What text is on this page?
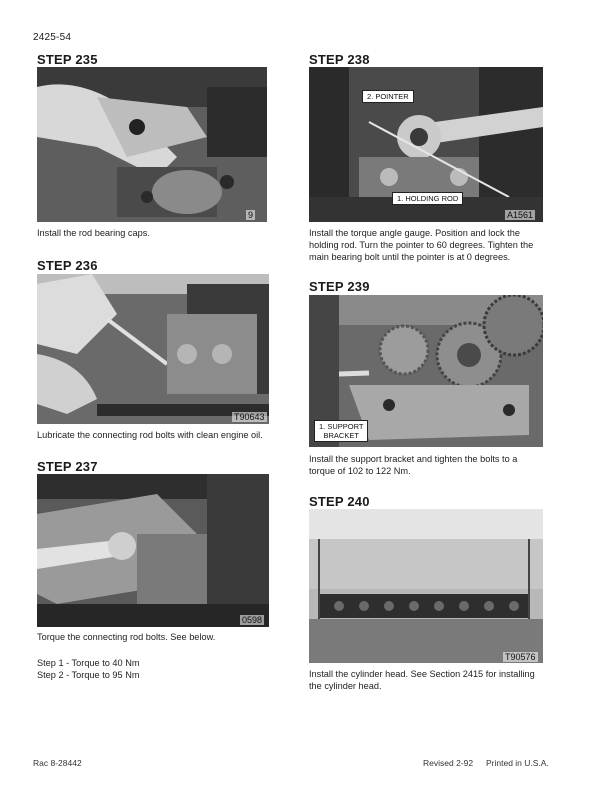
2425-54
STEP 235
9
Install the rod bearing caps.
STEP 236
T90643
Lubricate the connecting rod bolts with clean engine oil.
STEP 237
0598
Torque the connecting rod bolts. See below.
Step 1 - Torque to 40 Nm
Step 2 - Torque to 95 Nm
STEP 238
2. POINTER
1. HOLDING ROD
A1561
Install the torque angle gauge. Position and lock the holding rod. Turn the pointer to 60 degrees. Tighten the main bearing bolt until the pointer is at 0 degrees.
STEP 239
1. SUPPORT
BRACKET
Install the support bracket and tighten the bolts to a torque of 102 to 122 Nm.
STEP 240
T90576
Install the cylinder head. See Section 2415 for installing the cylinder head.
Rac 8-28442	Revised 2-92 Printed in U.S.A.
